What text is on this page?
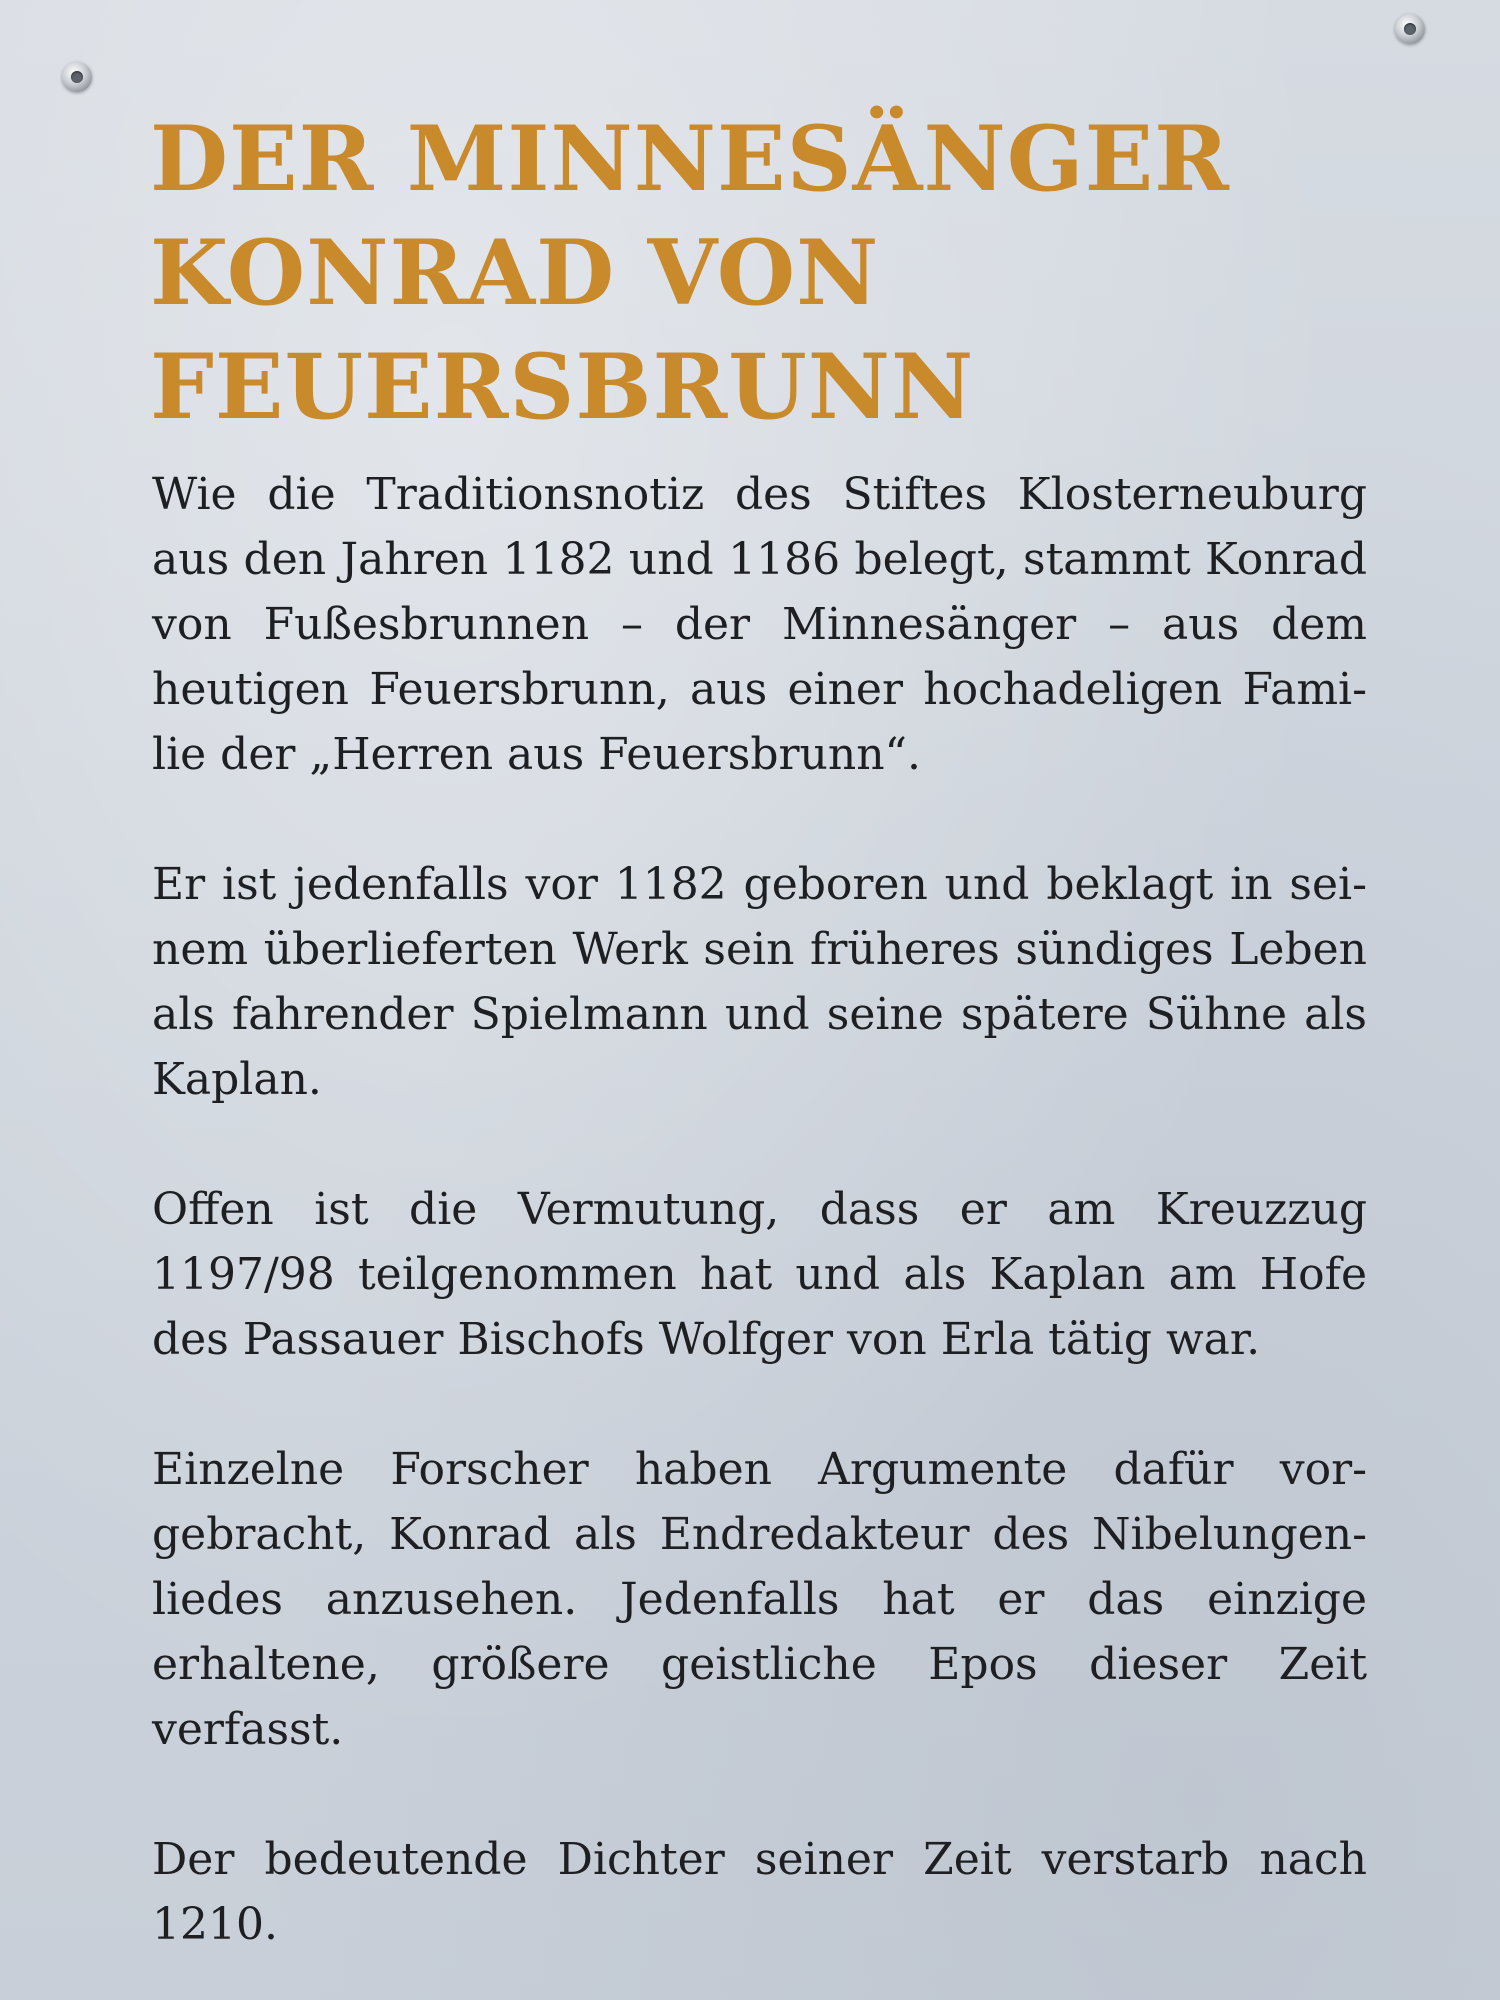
DER MINNESÄNGER
KONRAD VON
FEUERSBRUNN

Wie die Traditionsnotiz des Stiftes Klosterneuburg aus den Jahren 1182 und 1186 belegt, stammt Konrad von Fußesbrunnen – der Minnesänger – aus dem heutigen Feuersbrunn, aus einer hochadeligen Fami-lie der „Herren aus Feuersbrunn“.

Er ist jedenfalls vor 1182 geboren und beklagt in sei-nem überlieferten Werk sein früheres sündiges Leben als fahrender Spielmann und seine spätere Sühne als Kaplan.

Offen ist die Vermutung, dass er am Kreuzzug 1197/98 teilgenommen hat und als Kaplan am Hofe des Passauer Bischofs Wolfger von Erla tätig war.

Einzelne Forscher haben Argumente dafür vor-gebracht, Konrad als Endredakteur des Nibelungen-liedes anzusehen. Jedenfalls hat er das einzige erhaltene, größere geistliche Epos dieser Zeit verfasst.

Der bedeutende Dichter seiner Zeit verstarb nach 1210.
